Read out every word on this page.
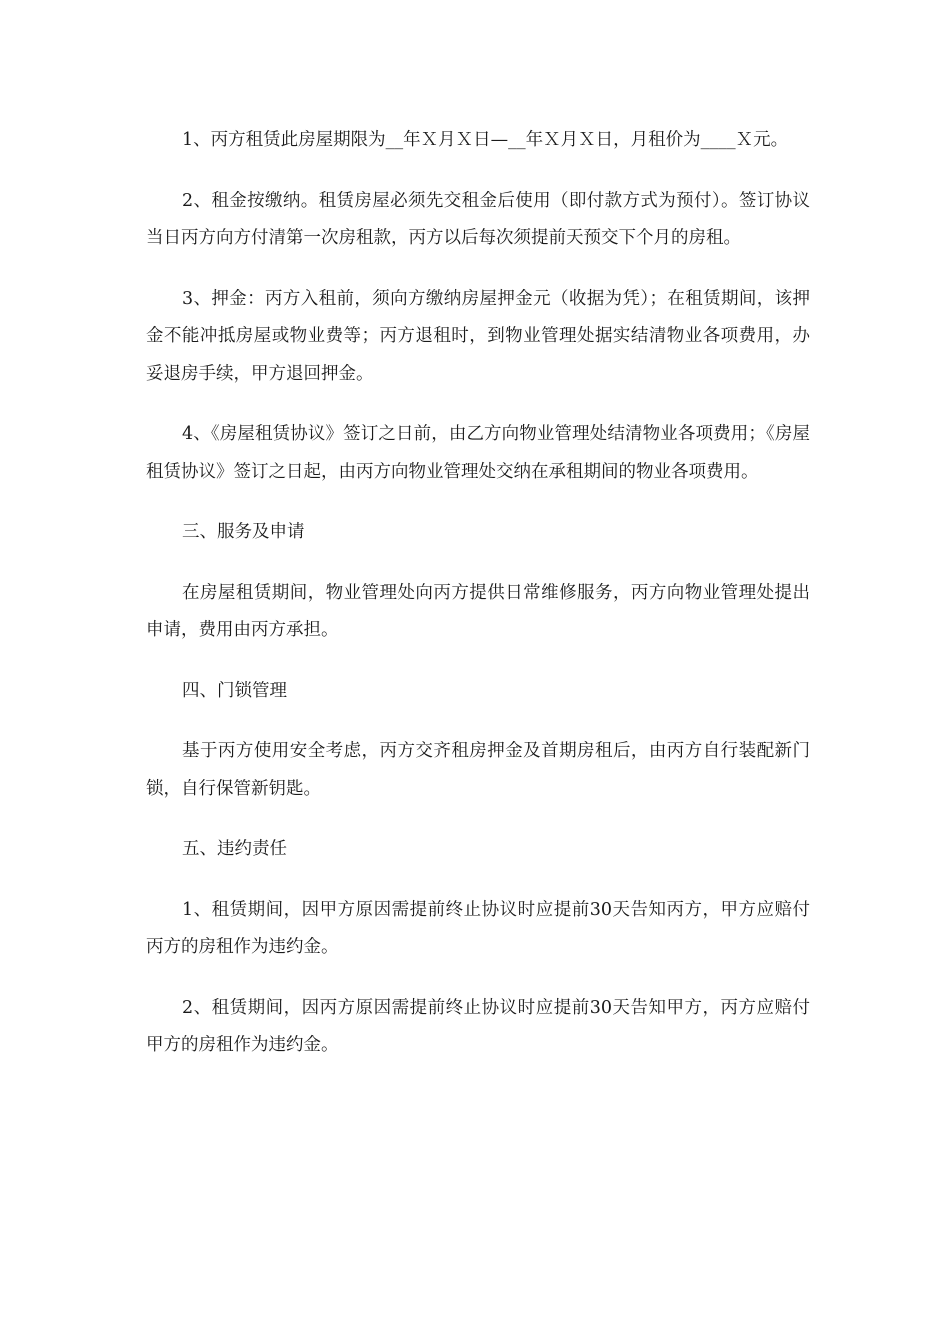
1、丙方租赁此房屋期限为__年Ｘ月Ｘ日—__年Ｘ月Ｘ日，月租价为____Ｘ元。

2、租金按缴纳。租赁房屋必须先交租金后使用（即付款方式为预付）。签订协议当日丙方向方付清第一次房租款，丙方以后每次须提前天预交下个月的房租。

3、押金：丙方入租前，须向方缴纳房屋押金元（收据为凭）；在租赁期间，该押金不能冲抵房屋或物业费等；丙方退租时，到物业管理处据实结清物业各项费用，办妥退房手续，甲方退回押金。

4、《房屋租赁协议》签订之日前，由乙方向物业管理处结清物业各项费用；《房屋租赁协议》签订之日起，由丙方向物业管理处交纳在承租期间的物业各项费用。

三、服务及申请

在房屋租赁期间，物业管理处向丙方提供日常维修服务，丙方向物业管理处提出申请，费用由丙方承担。

四、门锁管理

基于丙方使用安全考虑，丙方交齐租房押金及首期房租后，由丙方自行装配新门锁，自行保管新钥匙。

五、违约责任

1、租赁期间，因甲方原因需提前终止协议时应提前30天告知丙方，甲方应赔付丙方的房租作为违约金。

2、租赁期间，因丙方原因需提前终止协议时应提前30天告知甲方，丙方应赔付甲方的房租作为违约金。
